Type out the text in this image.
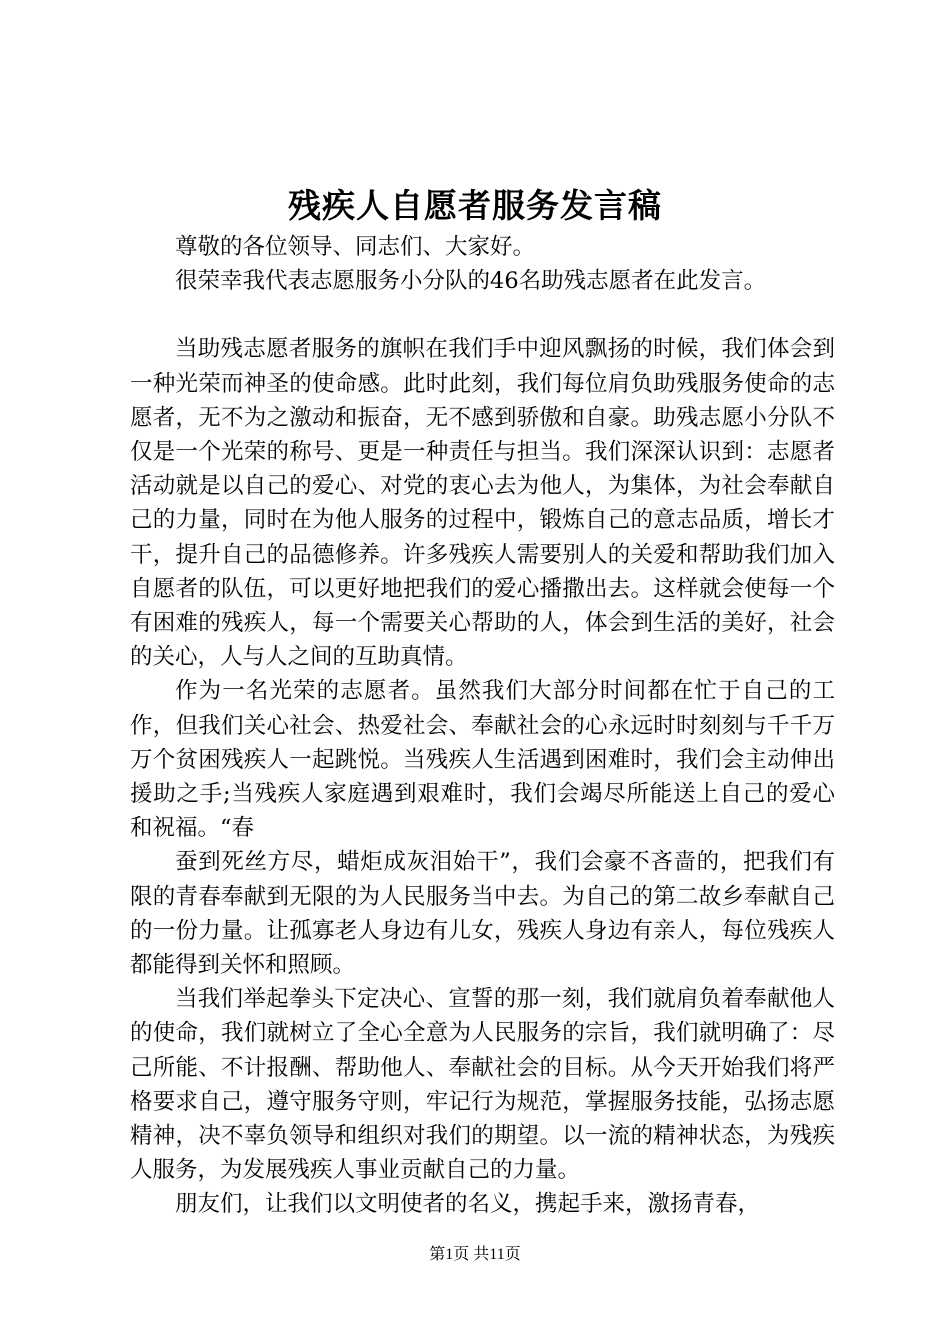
残疾人自愿者服务发言稿

尊敬的各位领导、同志们、大家好。

很荣幸我代表志愿服务小分队的46名助残志愿者在此发言。

当助残志愿者服务的旗帜在我们手中迎风飘扬的时候，我们体会到一种光荣而神圣的使命感。此时此刻，我们每位肩负助残服务使命的志愿者，无不为之激动和振奋，无不感到骄傲和自豪。助残志愿小分队不仅是一个光荣的称号、更是一种责任与担当。我们深深认识到：志愿者活动就是以自己的爱心、对党的衷心去为他人，为集体，为社会奉献自己的力量，同时在为他人服务的过程中，锻炼自己的意志品质，增长才干，提升自己的品德修养。许多残疾人需要别人的关爱和帮助我们加入自愿者的队伍，可以更好地把我们的爱心播撒出去。这样就会使每一个有困难的残疾人，每一个需要关心帮助的人，体会到生活的美好，社会的关心，人与人之间的互助真情。

作为一名光荣的志愿者。虽然我们大部分时间都在忙于自己的工作，但我们关心社会、热爱社会、奉献社会的心永远时时刻刻与千千万万个贫困残疾人一起跳悦。当残疾人生活遇到困难时，我们会主动伸出援助之手;当残疾人家庭遇到艰难时，我们会竭尽所能送上自己的爱心和祝福。“春

蚕到死丝方尽，蜡炬成灰泪始干”，我们会豪不吝啬的，把我们有限的青春奉献到无限的为人民服务当中去。为自己的第二故乡奉献自己的一份力量。让孤寡老人身边有儿女，残疾人身边有亲人，每位残疾人都能得到关怀和照顾。

当我们举起拳头下定决心、宣誓的那一刻，我们就肩负着奉献他人的使命，我们就树立了全心全意为人民服务的宗旨，我们就明确了：尽己所能、不计报酬、帮助他人、奉献社会的目标。从今天开始我们将严格要求自己，遵守服务守则，牢记行为规范，掌握服务技能，弘扬志愿精神，决不辜负领导和组织对我们的期望。以一流的精神状态，为残疾人服务，为发展残疾人事业贡献自己的力量。

朋友们，让我们以文明使者的名义，携起手来，激扬青春，

第1页 共11页
